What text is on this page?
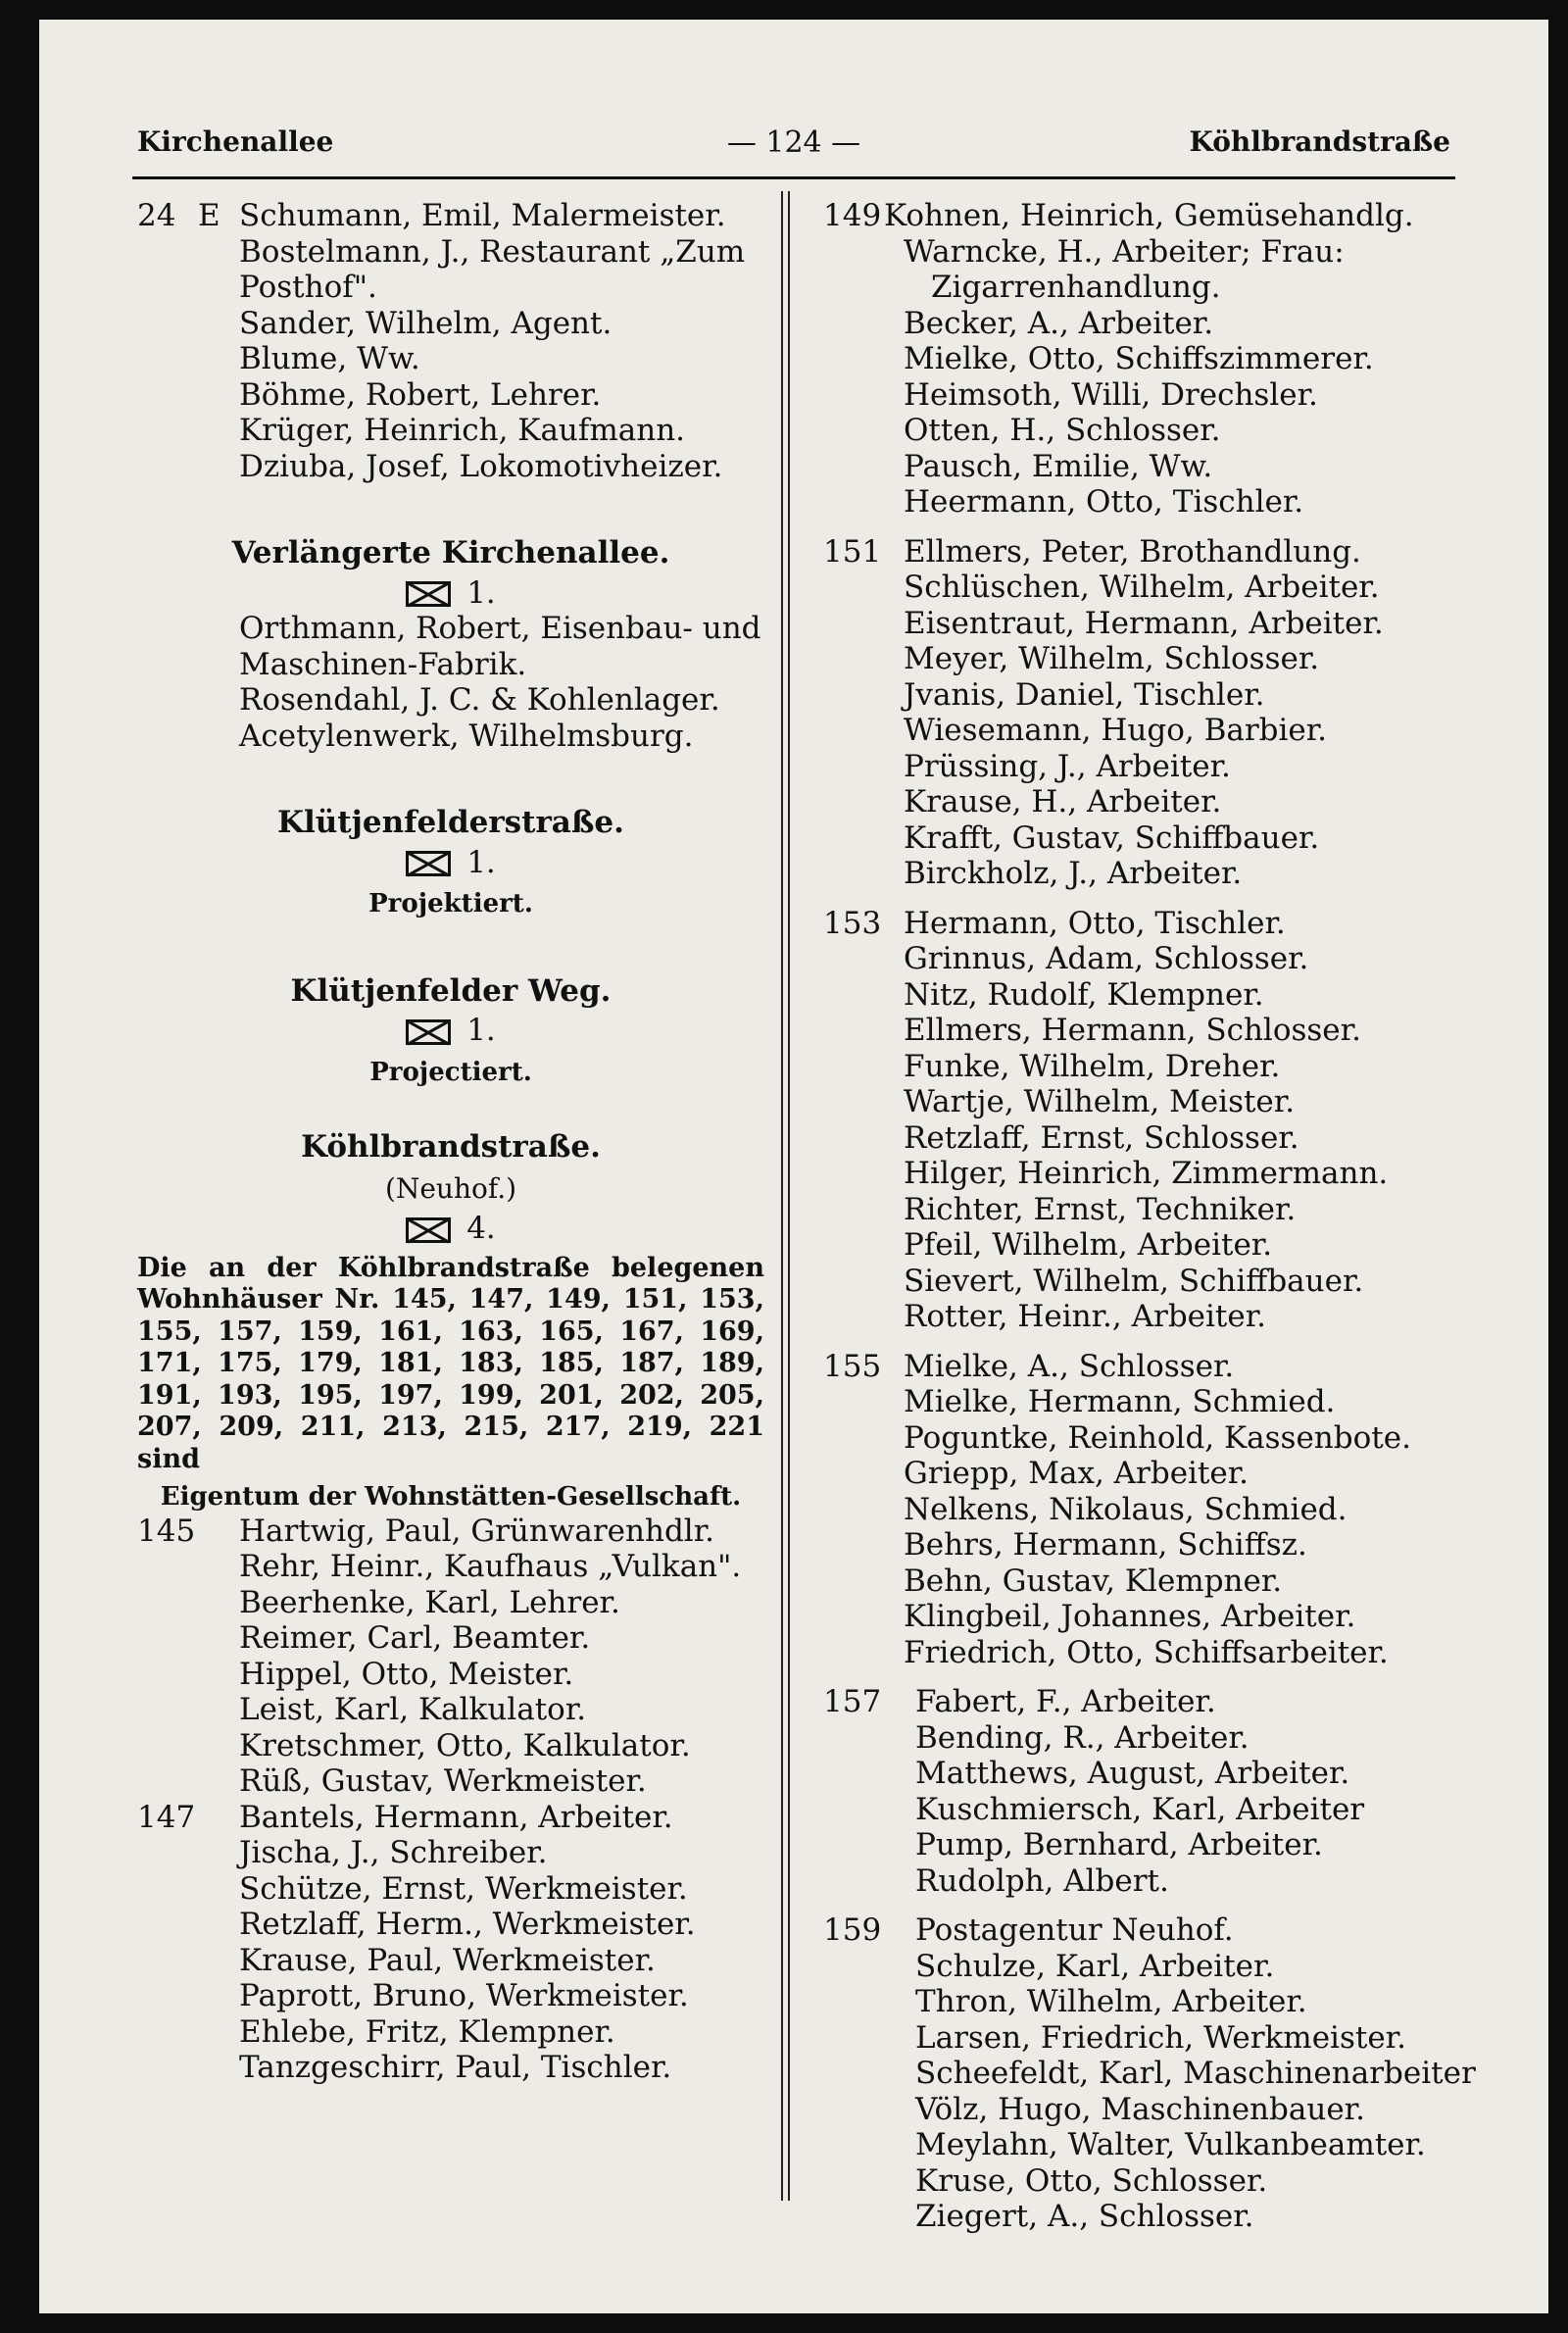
Kirchenallee	— 124 —	Köhlbrandstraße
24 E Schumann, Emil, Malermeister.
Bostelmann, J., Restaurant „Zum
Posthof".
Sander, Wilhelm, Agent.
Blume, Ww.
Böhme, Robert, Lehrer.
Krüger, Heinrich, Kaufmann.
Dziuba, Josef, Lokomotivheizer.
Verlängerte Kirchenallee.
1.
Orthmann, Robert, Eisenbau- und
Maschinen-Fabrik.
Rosendahl, J. C. & Kohlenlager.
Acetylenwerk, Wilhelmsburg.
Klütjenfelderstraße.
1.
Projektiert.
Klütjenfelder Weg.
1.
Projectiert.
Köhlbrandstraße.
(Neuhof.)
4.
Die an der Köhlbrandstraße belegenen Wohnhäuser Nr. 145, 147, 149, 151, 153, 155, 157, 159, 161, 163, 165, 167, 169, 171, 175, 179, 181, 183, 185, 187, 189, 191, 193, 195, 197, 199, 201, 202, 205, 207, 209, 211, 213, 215, 217, 219, 221 sind
Eigentum der Wohnstätten-Gesellschaft.
145 Hartwig, Paul, Grünwarenhdlr.
Rehr, Heinr., Kaufhaus „Vulkan".
Beerhenke, Karl, Lehrer.
Reimer, Carl, Beamter.
Hippel, Otto, Meister.
Leist, Karl, Kalkulator.
Kretschmer, Otto, Kalkulator.
Rüß, Gustav, Werkmeister.
147 Bantels, Hermann, Arbeiter.
Jischa, J., Schreiber.
Schütze, Ernst, Werkmeister.
Retzlaff, Herm., Werkmeister.
Krause, Paul, Werkmeister.
Paprott, Bruno, Werkmeister.
Ehlebe, Fritz, Klempner.
Tanzgeschirr, Paul, Tischler.
149 Kohnen, Heinrich, Gemüsehandlg.
Warncke, H., Arbeiter; Frau:
Zigarrenhandlung.
Becker, A., Arbeiter.
Mielke, Otto, Schiffszimmerer.
Heimsoth, Willi, Drechsler.
Otten, H., Schlosser.
Pausch, Emilie, Ww.
Heermann, Otto, Tischler.
151 Ellmers, Peter, Brothandlung.
Schlüschen, Wilhelm, Arbeiter.
Eisentraut, Hermann, Arbeiter.
Meyer, Wilhelm, Schlosser.
Jvanis, Daniel, Tischler.
Wiesemann, Hugo, Barbier.
Prüssing, J., Arbeiter.
Krause, H., Arbeiter.
Krafft, Gustav, Schiffbauer.
Birckholz, J., Arbeiter.
153 Hermann, Otto, Tischler.
Grinnus, Adam, Schlosser.
Nitz, Rudolf, Klempner.
Ellmers, Hermann, Schlosser.
Funke, Wilhelm, Dreher.
Wartje, Wilhelm, Meister.
Retzlaff, Ernst, Schlosser.
Hilger, Heinrich, Zimmermann.
Richter, Ernst, Techniker.
Pfeil, Wilhelm, Arbeiter.
Sievert, Wilhelm, Schiffbauer.
Rotter, Heinr., Arbeiter.
155 Mielke, A., Schlosser.
Mielke, Hermann, Schmied.
Poguntke, Reinhold, Kassenbote.
Griepp, Max, Arbeiter.
Nelkens, Nikolaus, Schmied.
Behrs, Hermann, Schiffsz.
Behn, Gustav, Klempner.
Klingbeil, Johannes, Arbeiter.
Friedrich, Otto, Schiffsarbeiter.
157	Fabert, F., Arbeiter.
Bending, R., Arbeiter.
Matthews, August, Arbeiter.
Kuschmiersch, Karl, Arbeiter
Pump, Bernhard, Arbeiter.
Rudolph, Albert.
159	Postagentur Neuhof.
Schulze, Karl, Arbeiter.
Thron, Wilhelm, Arbeiter.
Larsen, Friedrich, Werkmeister.
Scheefeldt, Karl, Maschinenarbeiter
Völz, Hugo, Maschinenbauer.
Meylahn, Walter, Vulkanbeamter.
Kruse, Otto, Schlosser.
Ziegert, A., Schlosser.
